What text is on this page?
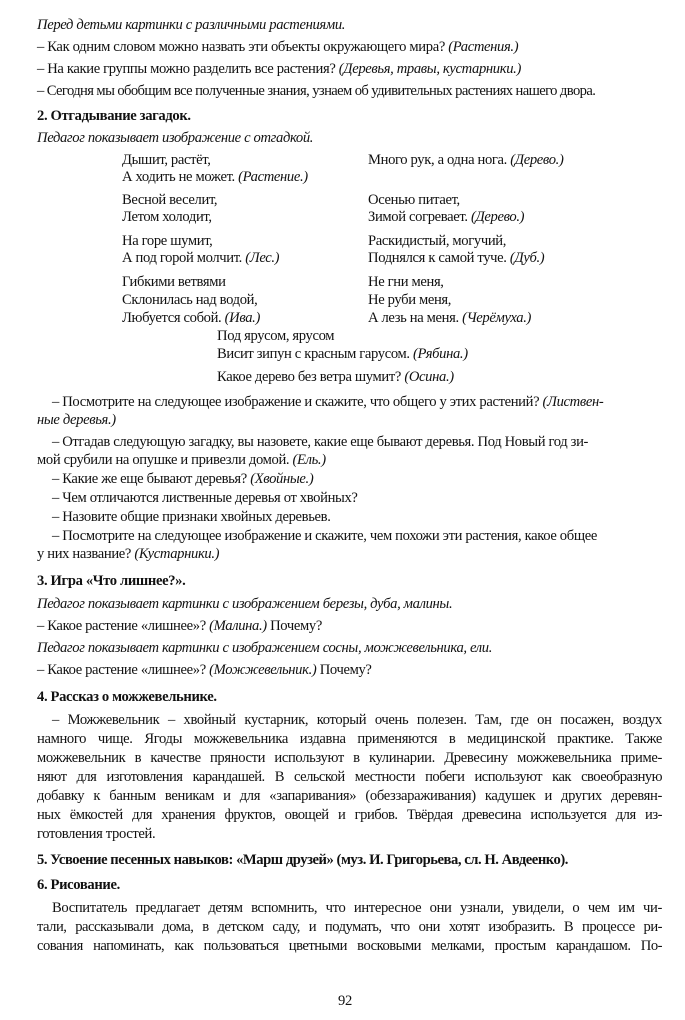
Перед детьми картинки с различными растениями.
– Как одним словом можно назвать эти объекты окружающего мира? (Растения.)
– На какие группы можно разделить все растения? (Деревья, травы, кустарники.)
– Сегодня мы обобщим все полученные знания, узнаем об удивительных растениях нашего двора.
2. Отгадывание загадок.
Педагог показывает изображение с отгадкой.
Дышит, растёт,
А ходить не может. (Растение.)
Весной веселит,
Летом холодит,
На горе шумит,
А под горой молчит. (Лес.)
Гибкими ветвями
Склонилась над водой,
Любуется собой. (Ива.)
Много рук, а одна нога. (Дерево.)
Осенью питает,
Зимой согревает. (Дерево.)
Раскидистый, могучий,
Поднялся к самой туче. (Дуб.)
Не гни меня,
Не руби меня,
А лезь на меня. (Черёмуха.)
Под ярусом, ярусом
Висит зипун с красным гарусом. (Рябина.)
Какое дерево без ветра шумит? (Осина.)
– Посмотрите на следующее изображение и скажите, что общего у этих растений? (Листвен-
ные деревья.)
– Отгадав следующую загадку, вы назовете, какие еще бывают деревья. Под Новый год зи-
мой срубили на опушке и привезли домой. (Ель.)
– Какие же еще бывают деревья? (Хвойные.)
– Чем отличаются лиственные деревья от хвойных?
– Назовите общие признаки хвойных деревьев.
– Посмотрите на следующее изображение и скажите, чем похожи эти растения, какое общее
у них название? (Кустарники.)
3. Игра «Что лишнее?».
Педагог показывает картинки с изображением березы, дуба, малины.
– Какое растение «лишнее»? (Малина.) Почему?
Педагог показывает картинки с изображением сосны, можжевельника, ели.
– Какое растение «лишнее»? (Можжевельник.) Почему?
4. Рассказ о можжевельнике.
– Можжевельник – хвойный кустарник, который очень полезен. Там, где он посажен, воздух
намного чище. Ягоды можжевельника издавна применяются в медицинской практике. Также
можжевельник в качестве пряности используют в кулинарии. Древесину можжевельника приме-
няют для изготовления карандашей. В сельской местности побеги используют как своеобразную
добавку к банным веникам и для «запаривания» (обеззараживания) кадушек и других деревян-
ных ёмкостей для хранения фруктов, овощей и грибов. Твёрдая древесина используется для из-
готовления тростей.
5. Усвоение песенных навыков: «Марш друзей» (муз. И. Григорьева, сл. Н. Авдеенко).
6. Рисование.
Воспитатель предлагает детям вспомнить, что интересное они узнали, увидели, о чем им чи-
тали, рассказывали дома, в детском саду, и подумать, что они хотят изобразить. В процессе ри-
сования напоминать, как пользоваться цветными восковыми мелками, простым карандашом. По-
92
